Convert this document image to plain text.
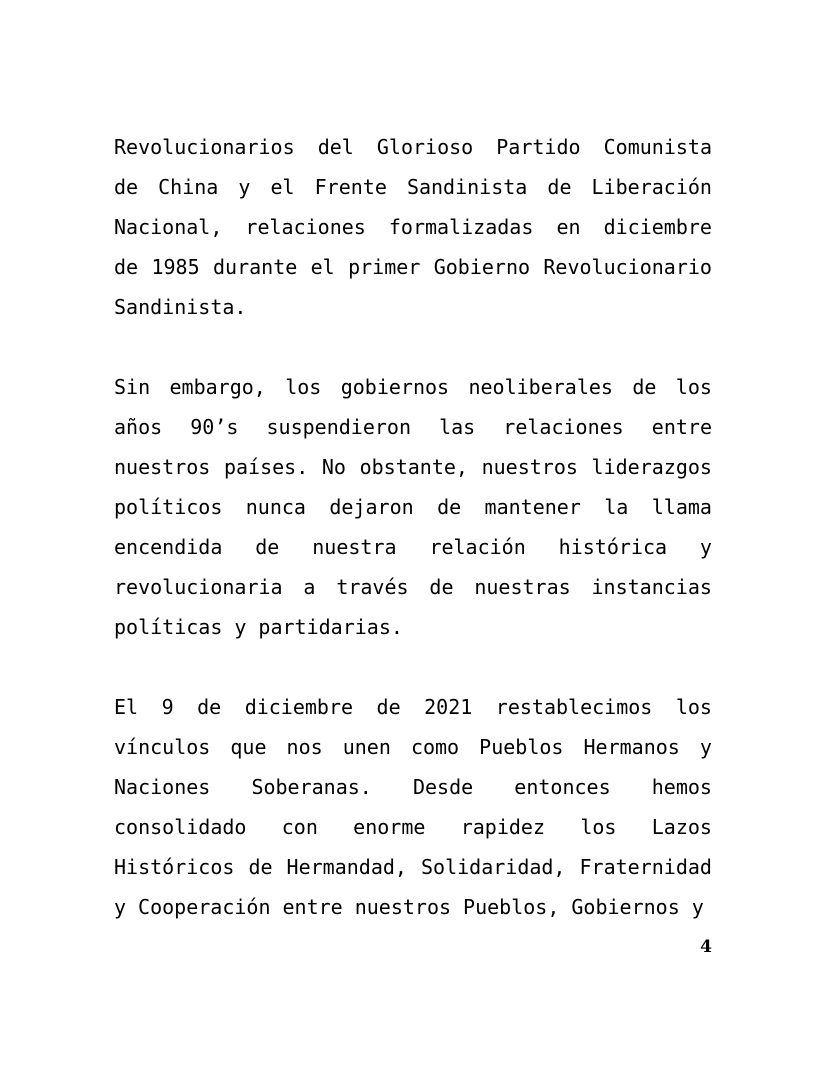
Revolucionarios del Glorioso Partido Comunista
de China y el Frente Sandinista de Liberación
Nacional, relaciones formalizadas en diciembre
de 1985 durante el primer Gobierno Revolucionario
Sandinista.
Sin embargo, los gobiernos neoliberales de los
años 90’s suspendieron las relaciones entre
nuestros países. No obstante, nuestros liderazgos
políticos nunca dejaron de mantener la llama
encendida de nuestra relación histórica y
revolucionaria a través de nuestras instancias
políticas y partidarias.
El 9 de diciembre de 2021 restablecimos los
vínculos que nos unen como Pueblos Hermanos y
Naciones Soberanas. Desde entonces hemos
consolidado con enorme rapidez los Lazos
Históricos de Hermandad, Solidaridad, Fraternidad
y Cooperación entre nuestros Pueblos, Gobiernos y
4
